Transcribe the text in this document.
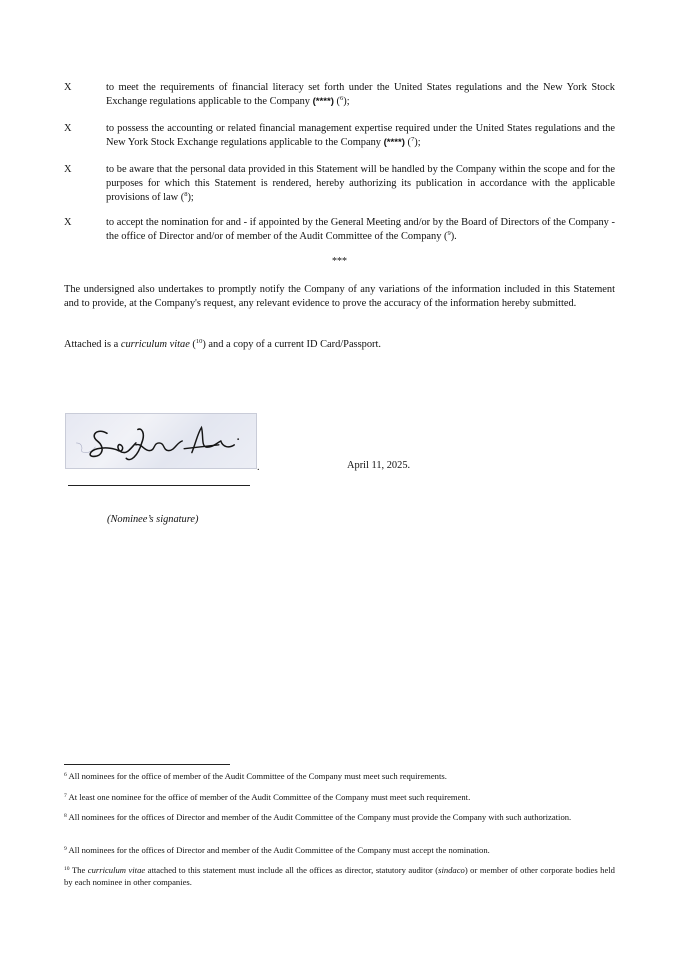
X	to meet the requirements of financial literacy set forth under the United States regulations and the New York Stock Exchange regulations applicable to the Company (****) ($^6$);
X	to possess the accounting or related financial management expertise required under the United States regulations and the New York Stock Exchange regulations applicable to the Company (****) ($^7$);
X	to be aware that the personal data provided in this Statement will be handled by the Company within the scope and for the purposes for which this Statement is rendered, hereby authorizing its publication in accordance with the applicable provisions of law ($^8$);
X	to accept the nomination for and - if appointed by the General Meeting and/or by the Board of Directors of the Company - the office of Director and/or of member of the Audit Committee of the Company ($^9$).
***
The undersigned also undertakes to promptly notify the Company of any variations of the information included in this Statement and to provide, at the Company's request, any relevant evidence to prove the accuracy of the information hereby submitted.
Attached is a curriculum vitae ($^{10}$) and a copy of a current ID Card/Passport.
.	April 11, 2025.
(Nominee’s signature)
$^6$ All nominees for the office of member of the Audit Committee of the Company must meet such requirements.
$^7$ At least one nominee for the office of member of the Audit Committee of the Company must meet such requirement.
$^8$ All nominees for the offices of Director and member of the Audit Committee of the Company must provide the Company with such authorization.
$^9$ All nominees for the offices of Director and member of the Audit Committee of the Company must accept the nomination.
$^{10}$ The curriculum vitae attached to this statement must include all the offices as director, statutory auditor (sindaco) or member of other corporate bodies held by each nominee in other companies.
